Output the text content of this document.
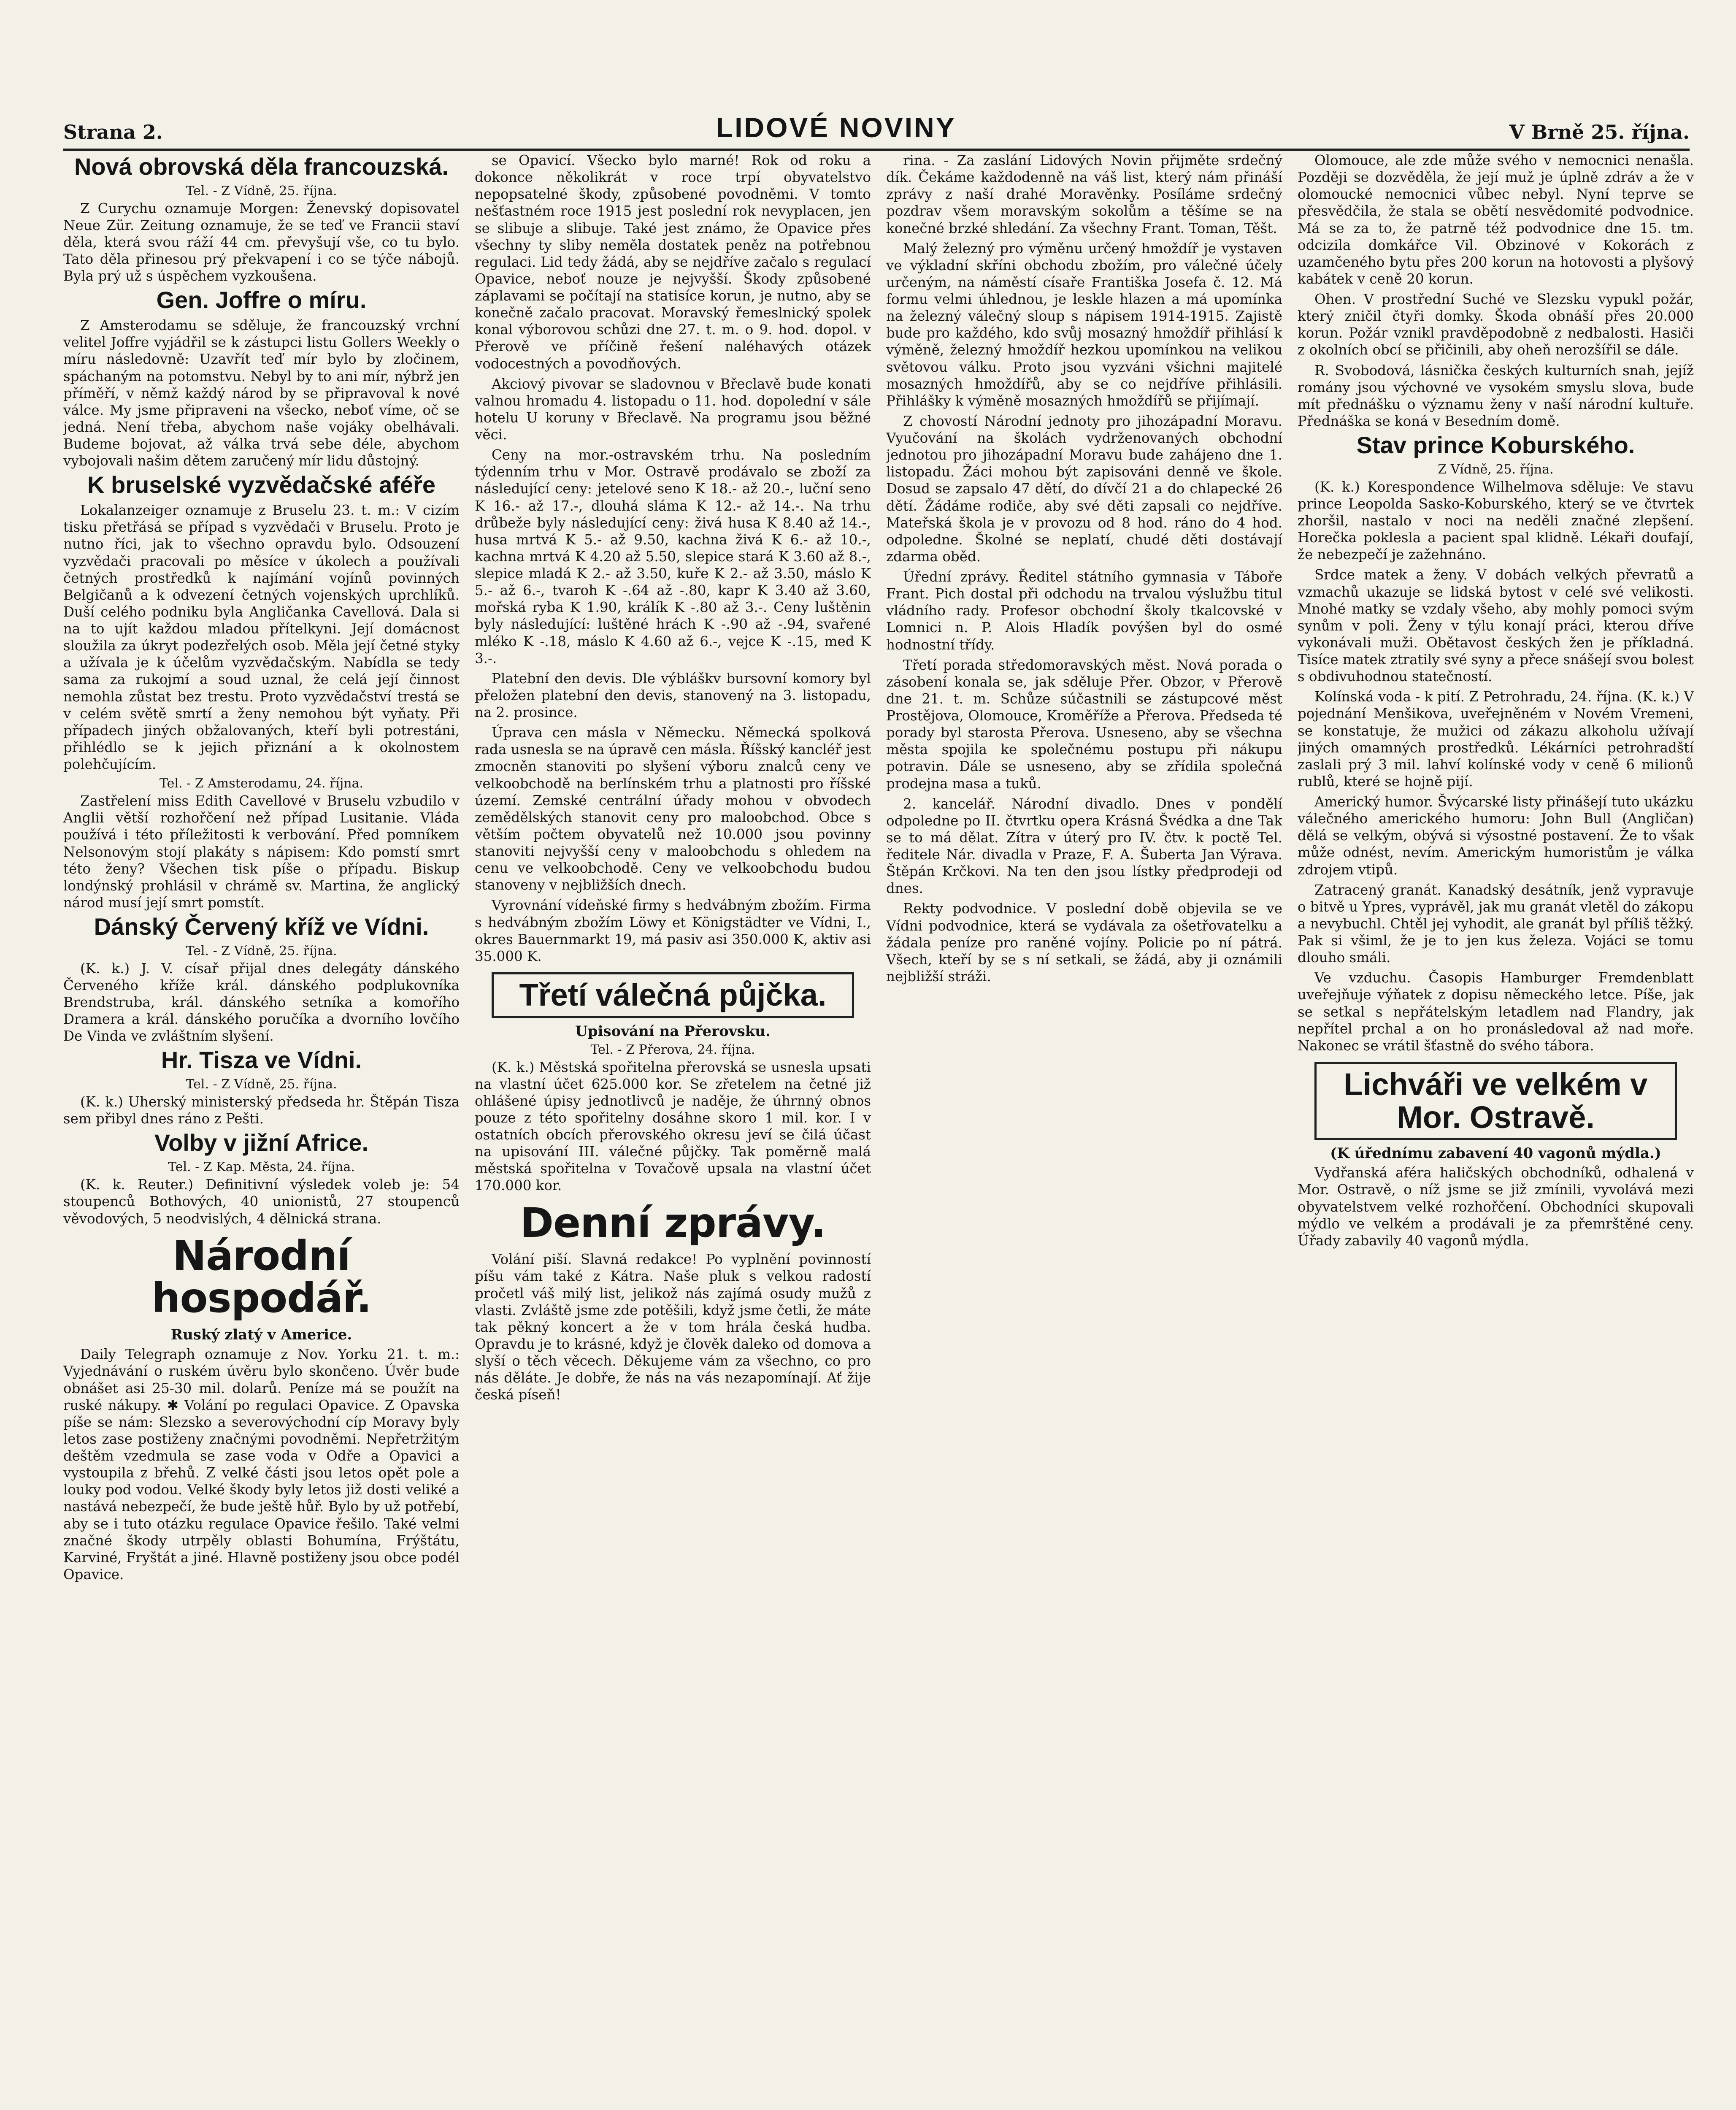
Strana 2.	LIDOVÉ NOVINY	V Brně 25. října.
Nová obrovská děla francouzská.
Tel. - Z Vídně, 25. října.

Z Curychu oznamuje Morgen: Ženevský dopisovatel Neue Zür. Zeitung oznamuje, že se teď ve Francii staví děla, která svou ráží 44 cm. převyšují vše, co tu bylo. Tato děla přinesou prý překvapení i co se týče nábojů. Byla prý už s úspěchem vyzkoušena.

Gen. Joffre o míru.

Z Amsterodamu se sděluje, že francouzský vrchní velitel Joffre vyjádřil se k zástupci listu Gollers Weekly o míru následovně: Uzavřít teď mír bylo by zločinem, spáchaným na potomstvu. Nebyl by to ani mír, nýbrž jen příměří, v němž každý národ by se připravoval k nové válce. My jsme připraveni na všecko, neboť víme, oč se jedná. Není třeba, abychom naše vojáky obelhávali. Budeme bojovat, až válka trvá sebe déle, abychom vybojovali našim dětem zaručený mír lidu důstojný.

K bruselské vyzvědačské aféře

Lokalanzeiger oznamuje z Bruselu 23. t. m.: V cizím tisku přetřásá se případ s vyzvědači v Bruselu. Proto je nutno říci, jak to všechno opravdu bylo. Odsouzení vyzvědači pracovali po měsíce v úkolech a používali četných prostředků k najímání vojínů povinných Belgičanů a k odvezení četných vojenských uprchlíků. Duší celého podniku byla Angličanka Cavellová. Dala si na to ujít každou mladou přítelkyni. Její domácnost sloužila za úkryt podezřelých osob. Měla její četné styky a užívala je k účelům vyzvědačským. Nabídla se tedy sama za rukojmí a soud uznal, že celá její činnost nemohla zůstat bez trestu. Proto vyzvědačství trestá se v celém světě smrtí a ženy nemohou být vyňaty. Při případech jiných obžalovaných, kteří byli potrestáni, přihlédlo se k jejich přiznání a k okolnostem polehčujícím.

Tel. - Z Amsterodamu, 24. října.

Zastřelení miss Edith Cavellové v Bruselu vzbudilo v Anglii větší rozhořčení než případ Lusitanie. Vláda používá i této příležitosti k verbování. Před pomníkem Nelsonovým stojí plakáty s nápisem: Kdo pomstí smrt této ženy? Všechen tisk píše o případu. Biskup londýnský prohlásil v chrámě sv. Martina, že anglický národ musí její smrt pomstít.

Dánský Červený kříž ve Vídni.
Tel. - Z Vídně, 25. října.

(K. k.) J. V. císař přijal dnes delegáty dánského Červeného kříže král. dánského podplukovníka Brendstruba, král. dánského setníka a komořího Dramera a král. dánského poručíka a dvorního lovčího De Vinda ve zvláštním slyšení.

Hr. Tisza ve Vídni.
Tel. - Z Vídně, 25. října.

(K. k.) Uherský ministerský předseda hr. Štěpán Tisza sem přibyl dnes ráno z Pešti.

Volby v jižní Africe.
Tel. - Z Kap. Města, 24. října.

(K. k. Reuter.) Definitivní výsledek voleb je: 54 stoupenců Bothových, 40 unionistů, 27 stoupenců věvodových, 5 neodvislých, 4 dělnická strana.

Národní hospodář.
Ruský zlatý v Americe.

Daily Telegraph oznamuje z Nov. Yorku 21. t. m.: Vyjednávání o ruském úvěru bylo skončeno. Úvěr bude obnášet asi 25-30 mil. dolarů. Peníze má se použít na ruské nákupy. ✱ Volání po regulaci Opavice. Z Opavska píše se nám: Slezsko a severovýchodní cíp Moravy byly letos zase postiženy značnými povodněmi. Nepřetržitým deštěm vzedmula se zase voda v Odře a Opavici a vystoupila z břehů. Z velké části jsou letos opět pole a louky pod vodou. Velké škody byly letos již dosti veliké a nastává nebezpečí, že bude ještě hůř. Bylo by už potřebí, aby se i tuto otázku regulace Opavice řešilo. Také velmi značné škody utrpěly oblasti Bohumína, Frýštátu, Karviné, Fryštát a jiné. Hlavně postiženy jsou obce podél Opavice.

se Opavicí. Všecko bylo marné! Rok od roku a dokonce několikrát v roce trpí obyvatelstvo nepopsatelné škody, způsobené povodněmi. V tomto nešťastném roce 1915 jest poslední rok nevyplacen, jen se slibuje a slibuje. Také jest známo, že Opavice přes všechny ty sliby neměla dostatek peněz na potřebnou regulaci. Lid tedy žádá, aby se nejdříve začalo s regulací Opavice, neboť nouze je nejvyšší. Škody způsobené záplavami se počítají na statisíce korun, je nutno, aby se konečně začalo pracovat. Moravský řemeslnický spolek konal výborovou schůzi dne 27. t. m. o 9. hod. dopol. v Přerově ve příčině řešení naléhavých otázek vodocestných a povodňových.

Akciový pivovar se sladovnou v Břeclavě bude konati valnou hromadu 4. listopadu o 11. hod. dopolední v sále hotelu U koruny v Břeclavě. Na programu jsou běžné věci.

Ceny na mor.-ostravském trhu. Na posledním týdenním trhu v Mor. Ostravě prodávalo se zboží za následující ceny: jetelové seno K 18.- až 20.-, luční seno K 16.- až 17.-, dlouhá sláma K 12.- až 14.-. Na trhu drůbeže byly následující ceny: živá husa K 8.40 až 14.-, husa mrtvá K 5.- až 9.50, kachna živá K 6.- až 10.-, kachna mrtvá K 4.20 až 5.50, slepice stará K 3.60 až 8.-, slepice mladá K 2.- až 3.50, kuře K 2.- až 3.50, máslo K 5.- až 6.-, tvaroh K -.64 až -.80, kapr K 3.40 až 3.60, mořská ryba K 1.90, králík K -.80 až 3.-. Ceny luštěnin byly následující: luštěné hrách K -.90 až -.94, svařené mléko K -.18, máslo K 4.60 až 6.-, vejce K -.15, med K 3.-.

Platební den devis. Dle výbláškv bursovní komory byl přeložen platební den devis, stanovený na 3. listopadu, na 2. prosince.

Úprava cen másla v Německu. Německá spolková rada usnesla se na úpravě cen másla. Říšský kancléř jest zmocněn stanoviti po slyšení výboru znalců ceny ve velkoobchodě na berlínském trhu a platnosti pro říšské území. Zemské centrální úřady mohou v obvodech zemědělských stanovit ceny pro maloobchod. Obce s větším počtem obyvatelů než 10.000 jsou povinny stanoviti nejvyšší ceny v maloobchodu s ohledem na cenu ve velkoobchodě. Ceny ve velkoobchodu budou stanoveny v nejbližších dnech.

Vyrovnání vídeňské firmy s hedvábným zbožím. Firma s hedvábným zbožím Löwy et Königstädter ve Vídni, I., okres Bauernmarkt 19, má pasiv asi 350.000 K, aktiv asi 35.000 K.

Třetí válečná půjčka.
Upisování na Přerovsku.
Tel. - Z Přerova, 24. října.

(K. k.) Městská spořitelna přerovská se usnesla upsati na vlastní účet 625.000 kor. Se zřetelem na četné již ohlášené úpisy jednotlivců je naděje, že úhrnný obnos pouze z této spořitelny dosáhne skoro 1 mil. kor. I v ostatních obcích přerovského okresu jeví se čilá účast na upisování III. válečné půjčky. Tak poměrně malá městská spořitelna v Tovačově upsala na vlastní účet 170.000 kor.

Denní zprávy.

Volání piší. Slavná redakce! Po vyplnění povinností píšu vám také z Kátra. Naše pluk s velkou radostí pročetl váš milý list, jelikož nás zajímá osudy mužů z vlasti. Zvláště jsme zde potěšili, když jsme četli, že máte tak pěkný koncert a že v tom hrála česká hudba. Opravdu je to krásné, když je člověk daleko od domova a slyší o těch věcech. Děkujeme vám za všechno, co pro nás děláte. Je dobře, že nás na vás nezapomínají. Ať žije česká píseň!

rina. - Za zaslání Lidových Novin přijměte srdečný dík. Čekáme každodenně na váš list, který nám přináší zprávy z naší drahé Moravěnky. Posíláme srdečný pozdrav všem moravským sokolům a těšíme se na konečné brzké shledání. Za všechny Frant. Toman, Těšt.

Malý železný pro výměnu určený hmoždíř je vystaven ve výkladní skříni obchodu zbožím, pro válečné účely určeným, na náměstí císaře Františka Josefa č. 12. Má formu velmi úhlednou, je leskle hlazen a má upomínka na železný válečný sloup s nápisem 1914-1915. Zajistě bude pro každého, kdo svůj mosazný hmoždíř přihlásí k výměně, železný hmoždíř hezkou upomínkou na velikou světovou válku. Proto jsou vyzváni všichni majitelé mosazných hmoždířů, aby se co nejdříve přihlásili. Přihlášky k výměně mosazných hmoždířů se přijímají.

Z chovostí Národní jednoty pro jihozápadní Moravu. Vyučování na školách vydrženovaných obchodní jednotou pro jihozápadní Moravu bude zahájeno dne 1. listopadu. Žáci mohou být zapisováni denně ve škole. Dosud se zapsalo 47 dětí, do dívčí 21 a do chlapecké 26 dětí. Žádáme rodiče, aby své děti zapsali co nejdříve. Mateřská škola je v provozu od 8 hod. ráno do 4 hod. odpoledne. Školné se neplatí, chudé děti dostávají zdarma oběd.

Úřední zprávy. Ředitel státního gymnasia v Táboře Frant. Pich dostal při odchodu na trvalou výslužbu titul vládního rady. Profesor obchodní školy tkalcovské v Lomnici n. P. Alois Hladík povýšen byl do osmé hodnostní třídy.

Třetí porada středomoravských měst. Nová porada o zásobení konala se, jak sděluje Přer. Obzor, v Přerově dne 21. t. m. Schůze súčastnili se zástupcové měst Prostějova, Olomouce, Kroměříže a Přerova. Předseda té porady byl starosta Přerova. Usneseno, aby se všechna města spojila ke společnému postupu při nákupu potravin. Dále se usneseno, aby se zřídila společná prodejna masa a tuků.

2. kancelář. Národní divadlo. Dnes v pondělí odpoledne po II. čtvrtku opera Krásná Švédka a dne Tak se to má dělat. Zítra v úterý pro IV. čtv. k poctě Tel. ředitele Nár. divadla v Praze, F. A. Šuberta Jan Výrava. Štěpán Krčkovi. Na ten den jsou lístky předprodeji od dnes.

Rekty podvodnice. V poslední době objevila se ve Vídni podvodnice, která se vydávala za ošetřovatelku a žádala peníze pro raněné vojíny. Policie po ní pátrá. Všech, kteří by se s ní setkali, se žádá, aby ji oznámili nejbližší stráži.

Olomouce, ale zde může svého v nemocnici nenašla. Později se dozvěděla, že její muž je úplně zdráv a že v olomoucké nemocnici vůbec nebyl. Nyní teprve se přesvědčila, že stala se obětí nesvědomité podvodnice. Má se za to, že patrně též podvodnice dne 15. tm. odcizila domkářce Vil. Obzinové v Kokorách z uzamčeného bytu přes 200 korun na hotovosti a plyšový kabátek v ceně 20 korun.

Ohen. V prostřední Suché ve Slezsku vypukl požár, který zničil čtyři domky. Škoda obnáší přes 20.000 korun. Požár vznikl pravděpodobně z nedbalosti. Hasiči z okolních obcí se přičinili, aby oheň nerozšířil se dále.

R. Svobodová, lásnička českých kulturních snah, jejíž romány jsou výchovné ve vysokém smyslu slova, bude mít přednášku o významu ženy v naší národní kultuře. Přednáška se koná v Besedním domě.

Stav prince Koburského.
Z Vídně, 25. října.

(K. k.) Korespondence Wilhelmova sděluje: Ve stavu prince Leopolda Sasko-Koburského, který se ve čtvrtek zhoršil, nastalo v noci na neděli značné zlepšení. Horečka poklesla a pacient spal klidně. Lékaři doufají, že nebezpečí je zažehnáno.

Srdce matek a ženy. V dobách velkých převratů a vzmachů ukazuje se lidská bytost v celé své velikosti. Mnohé matky se vzdaly všeho, aby mohly pomoci svým synům v poli. Ženy v týlu konají práci, kterou dříve vykonávali muži. Obětavost českých žen je příkladná. Tisíce matek ztratily své syny a přece snášejí svou bolest s obdivuhodnou statečností.

Kolínská voda - k pití. Z Petrohradu, 24. října. (K. k.) V pojednání Menšikova, uveřejněném v Novém Vremeni, se konstatuje, že mužici od zákazu alkoholu užívají jiných omamných prostředků. Lékárníci petrohradští zaslali prý 3 mil. lahví kolínské vody v ceně 6 milionů rublů, které se hojně pijí.

Americký humor. Švýcarské listy přinášejí tuto ukázku válečného amerického humoru: John Bull (Angličan) dělá se velkým, obývá si výsostné postavení. Že to však může odnést, nevím. Americkým humoristům je válka zdrojem vtipů.

Zatracený granát. Kanadský desátník, jenž vypravuje o bitvě u Ypres, vyprávěl, jak mu granát vletěl do zákopu a nevybuchl. Chtěl jej vyhodit, ale granát byl příliš těžký. Pak si všiml, že je to jen kus železa. Vojáci se tomu dlouho smáli.

Ve vzduchu. Časopis Hamburger Fremdenblatt uveřejňuje výňatek z dopisu německého letce. Píše, jak se setkal s nepřátelským letadlem nad Flandry, jak nepřítel prchal a on ho pronásledoval až nad moře. Nakonec se vrátil šťastně do svého tábora.

Lichváři ve velkém v Mor. Ostravě.
(K úřednímu zabavení 40 vagonů mýdla.)

Vydřanská aféra haličských obchodníků, odhalená v Mor. Ostravě, o níž jsme se již zmínili, vyvolává mezi obyvatelstvem velké rozhořčení. Obchodníci skupovali mýdlo ve velkém a prodávali je za přemrštěné ceny. Úřady zabavily 40 vagonů mýdla.
